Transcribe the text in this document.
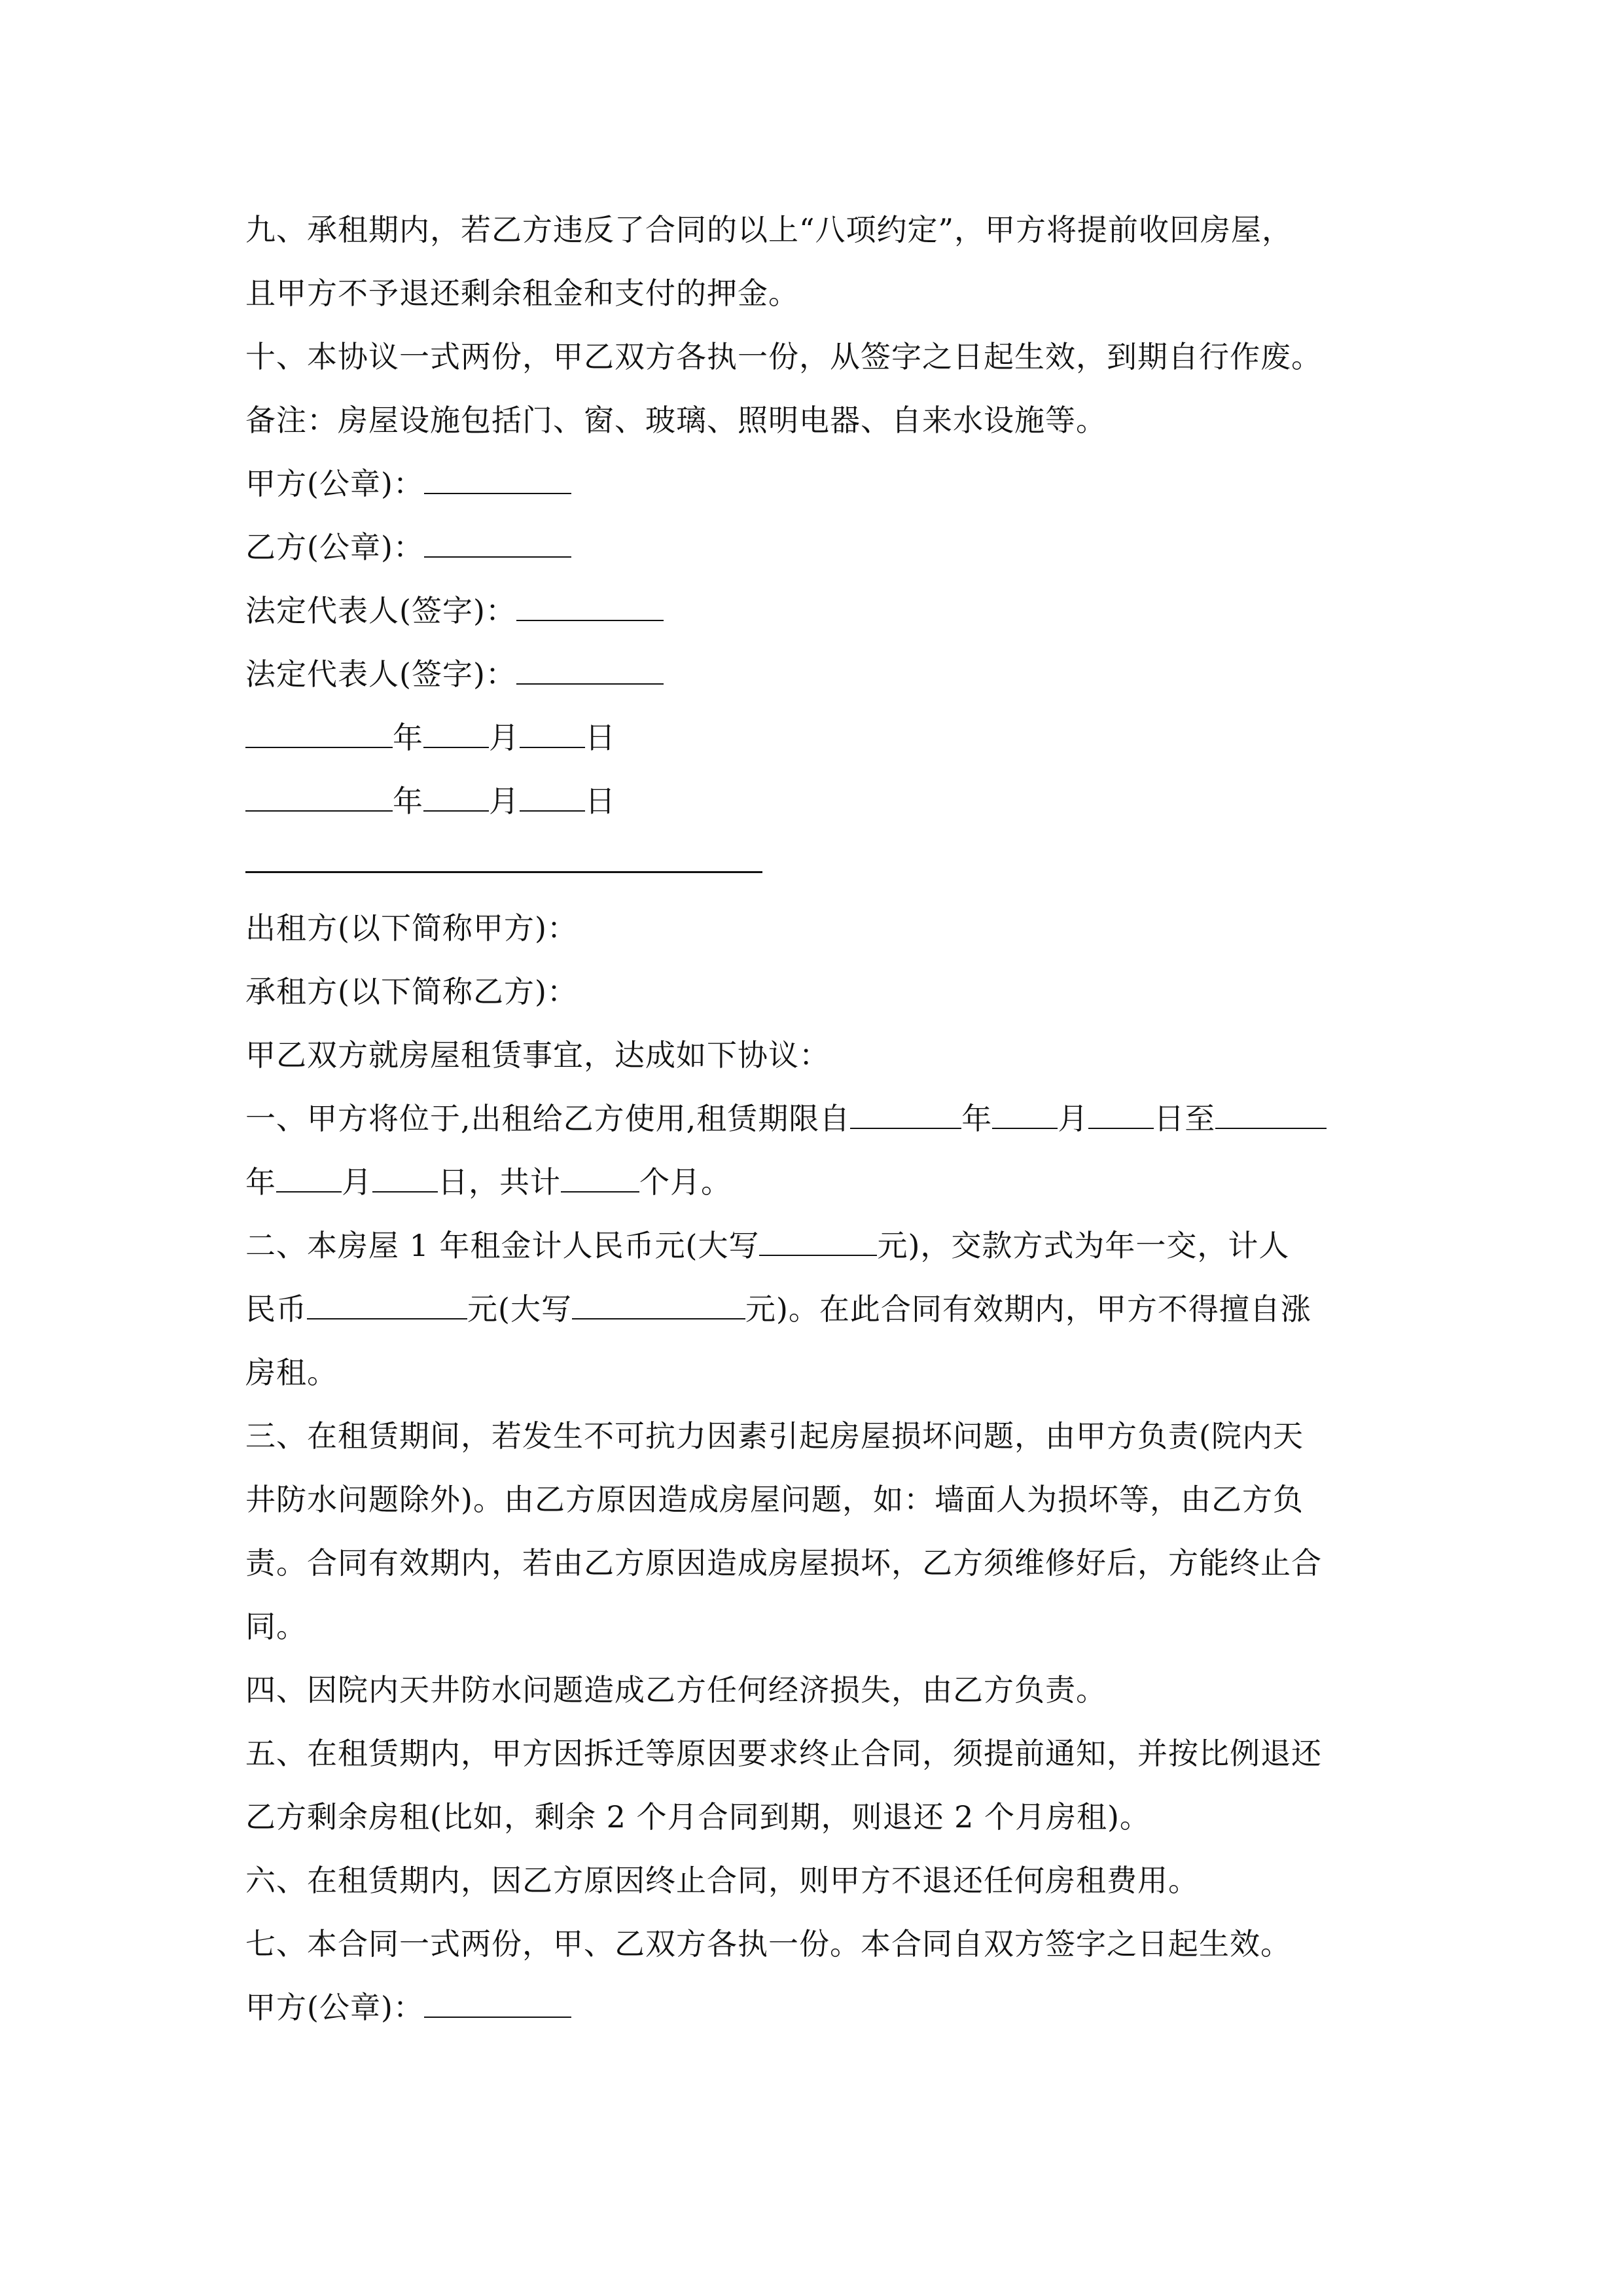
九、承租期内，若乙方违反了合同的以上“八项约定”，甲方将提前收回房屋，
且甲方不予退还剩余租金和支付的押金。
十、本协议一式两份，甲乙双方各执一份，从签字之日起生效，到期自行作废。
备注：房屋设施包括门、窗、玻璃、照明电器、自来水设施等。
甲方(公章)：
乙方(公章)：
法定代表人(签字)：
法定代表人(签字)：
年 月 日
年 月 日
出租方(以下简称甲方)：
承租方(以下简称乙方)：
甲乙双方就房屋租赁事宜，达成如下协议：
一、甲方将位于,出租给乙方使用,租赁期限自	年 月 日至
年 月 日，共计	个月。
二、本房屋 1 年租金计人民币元(大写	元)，交款方式为年一交，计人
民币	元(大写	元)。在此合同有效期内，甲方不得擅自涨
房租。
三、在租赁期间，若发生不可抗力因素引起房屋损坏问题，由甲方负责(院内天
井防水问题除外)。由乙方原因造成房屋问题，如：墙面人为损坏等，由乙方负
责。合同有效期内，若由乙方原因造成房屋损坏，乙方须维修好后，方能终止合
同。
四、因院内天井防水问题造成乙方任何经济损失，由乙方负责。
五、在租赁期内，甲方因拆迁等原因要求终止合同，须提前通知，并按比例退还
乙方剩余房租(比如，剩余 2 个月合同到期，则退还 2 个月房租)。
六、在租赁期内，因乙方原因终止合同，则甲方不退还任何房租费用。
七、本合同一式两份，甲、乙双方各执一份。本合同自双方签字之日起生效。
甲方(公章)：
